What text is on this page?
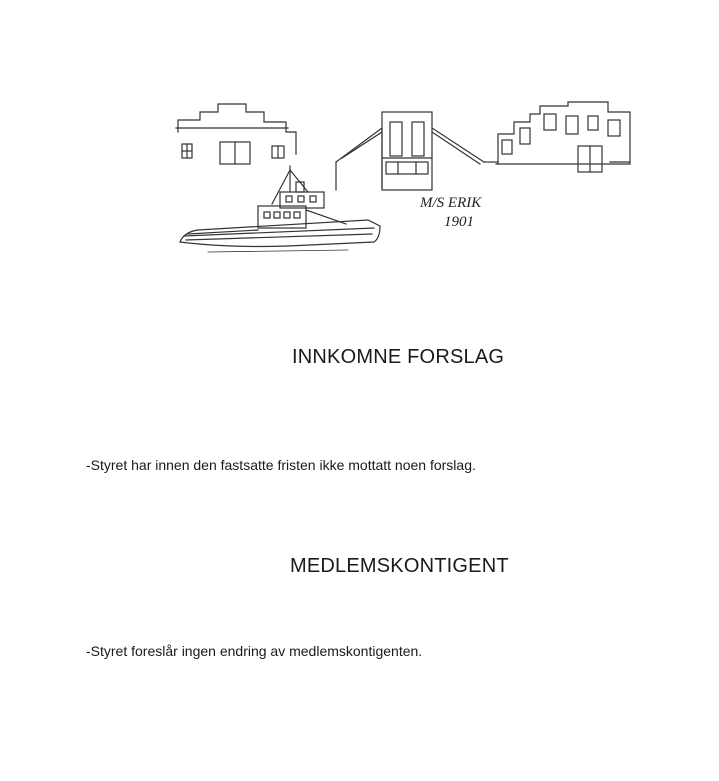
M/S ERIK
1901
INNKOMNE FORSLAG

-Styret har innen den fastsatte fristen ikke mottatt noen forslag.

MEDLEMSKONTIGENT

-Styret foreslår ingen endring av medlemskontigenten.
